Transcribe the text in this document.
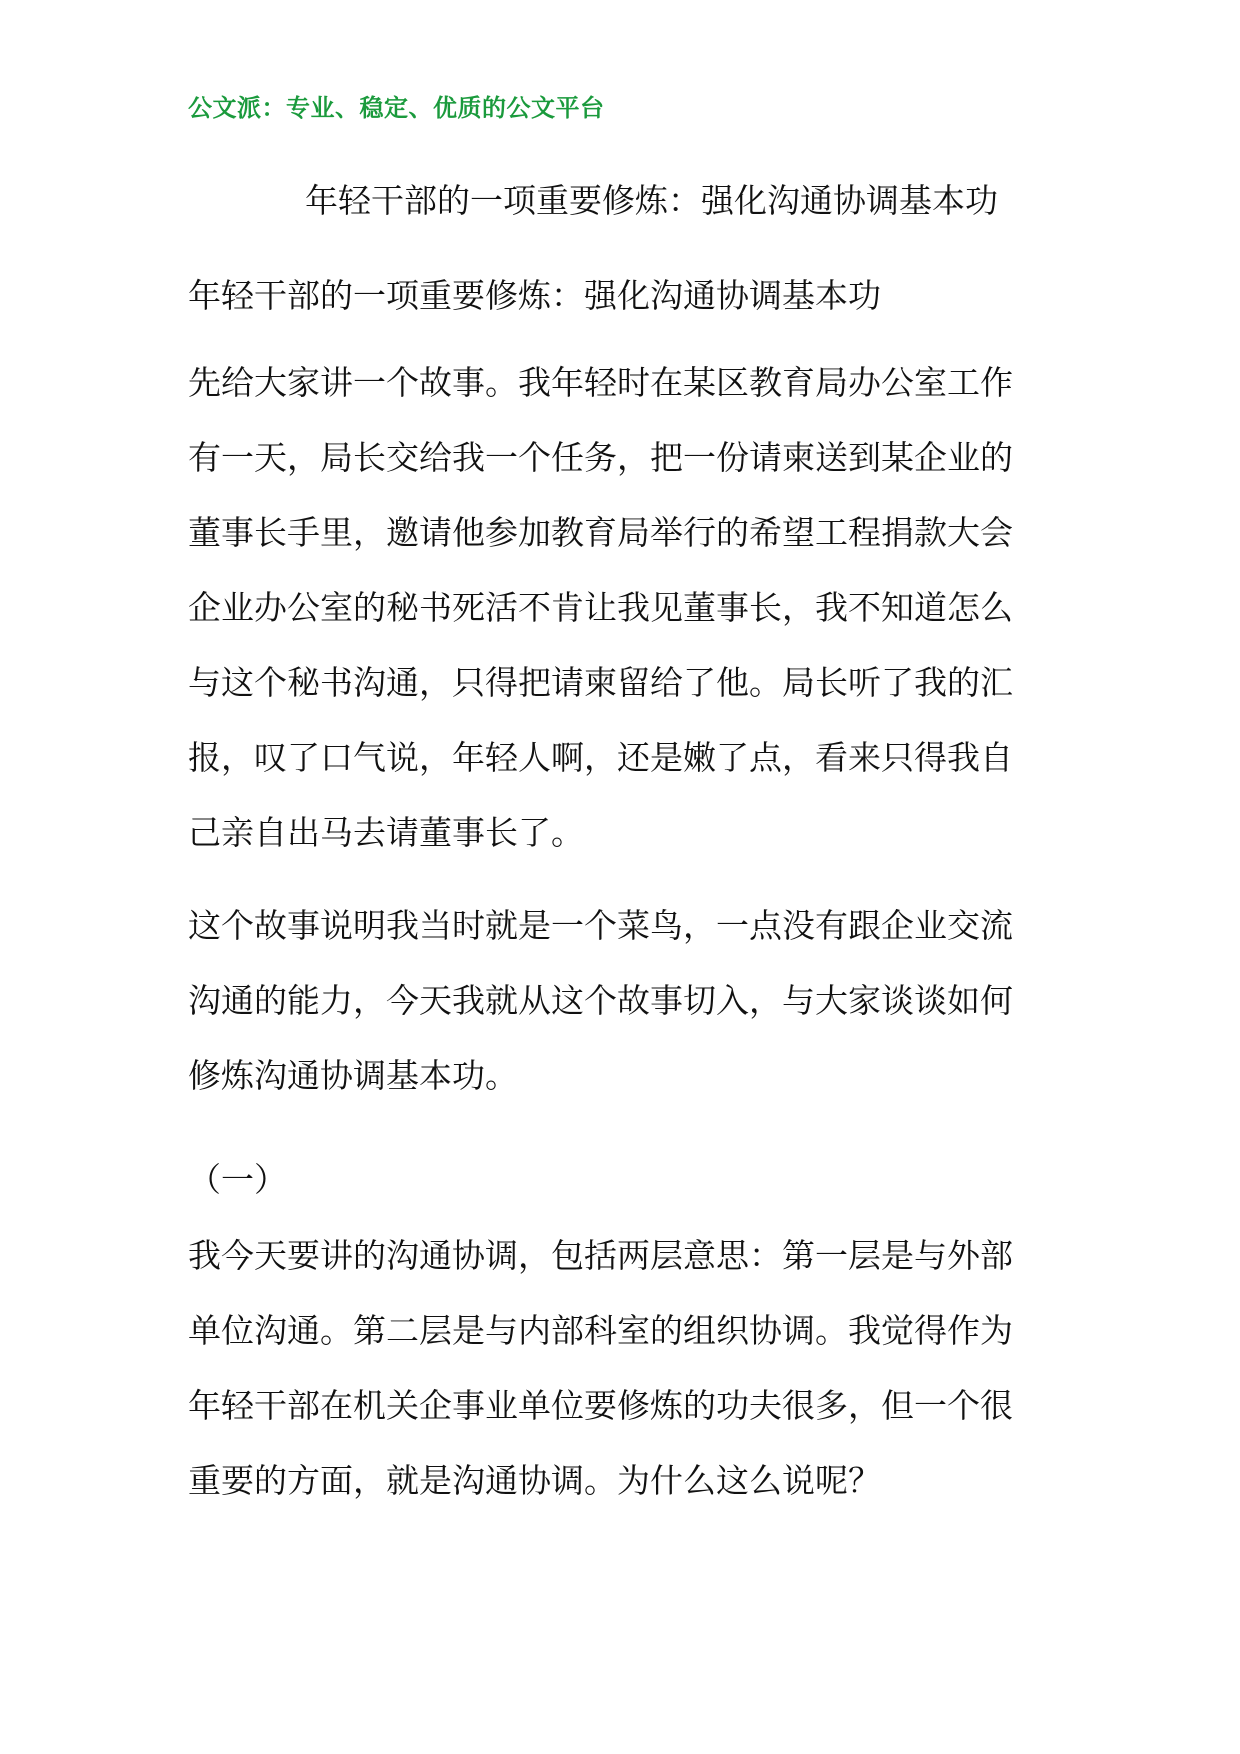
公文派：专业、稳定、优质的公文平台
年轻干部的一项重要修炼：强化沟通协调基本功
年轻干部的一项重要修炼：强化沟通协调基本功
先给大家讲一个故事。我年轻时在某区教育局办公室工作
有一天，局长交给我一个任务，把一份请柬送到某企业的
董事长手里，邀请他参加教育局举行的希望工程捐款大会
企业办公室的秘书死活不肯让我见董事长，我不知道怎么
与这个秘书沟通，只得把请柬留给了他。局长听了我的汇
报，叹了口气说，年轻人啊，还是嫩了点，看来只得我自
己亲自出马去请董事长了。
这个故事说明我当时就是一个菜鸟，一点没有跟企业交流
沟通的能力，今天我就从这个故事切入，与大家谈谈如何
修炼沟通协调基本功。
（一）
我今天要讲的沟通协调，包括两层意思：第一层是与外部
单位沟通。第二层是与内部科室的组织协调。我觉得作为
年轻干部在机关企事业单位要修炼的功夫很多，但一个很
重要的方面，就是沟通协调。为什么这么说呢？
